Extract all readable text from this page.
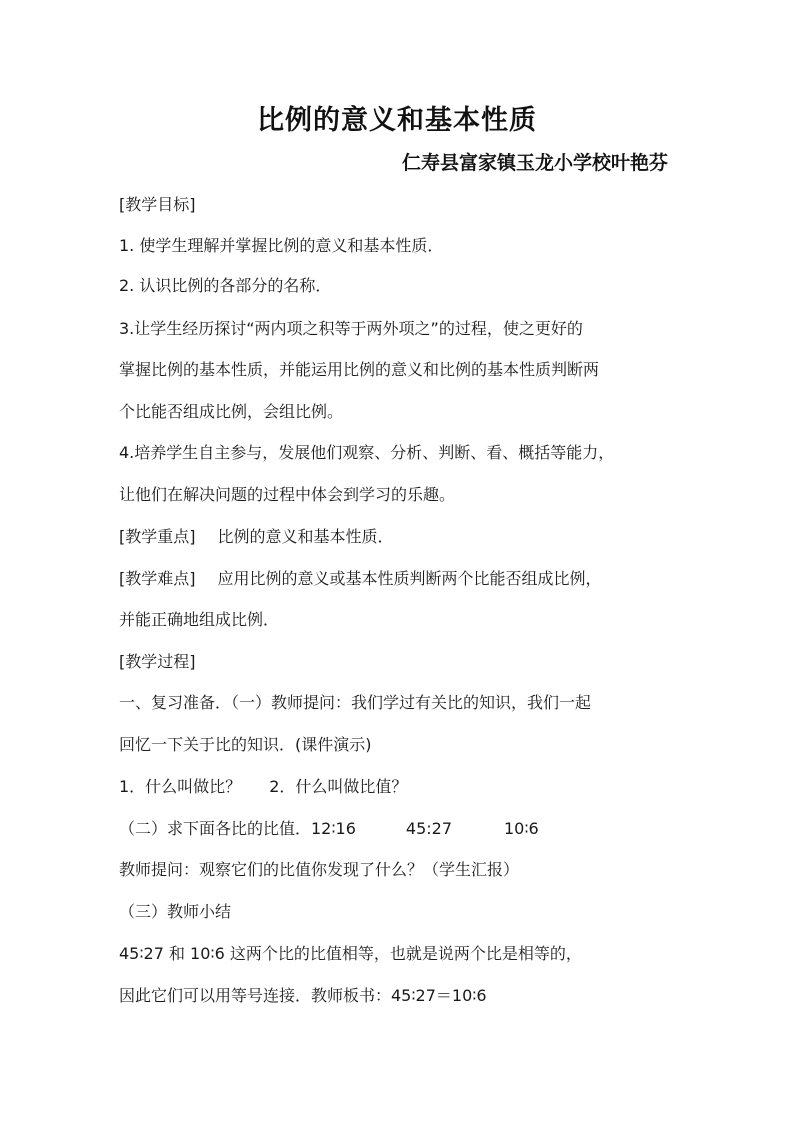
比例的意义和基本性质
仁寿县富家镇玉龙小学校叶艳芬
[教学目标]
1. 使学生理解并掌握比例的意义和基本性质．
2. 认识比例的各部分的名称．
3.让学生经历探讨“两内项之积等于两外项之”的过程，使之更好的
掌握比例的基本性质，并能运用比例的意义和比例的基本性质判断两
个比能否组成比例，会组比例。
4.培养学生自主参与，发展他们观察、分析、判断、看、概括等能力，
让他们在解决问题的过程中体会到学习的乐趣。
[教学重点] 比例的意义和基本性质．
[教学难点] 应用比例的意义或基本性质判断两个比能否组成比例，
并能正确地组成比例．
[教学过程]
一、复习准备．（一）教师提问：我们学过有关比的知识，我们一起
回忆一下关于比的知识．(课件演示)
1．什么叫做比？ 2．什么叫做比值？
（二）求下面各比的比值．12∶16	45:27	10∶6
教师提问：观察它们的比值你发现了什么？（学生汇报）
（三）教师小结
45∶27 和 10∶6 这两个比的比值相等，也就是说两个比是相等的，
因此它们可以用等号连接．教师板书：45∶27＝10∶6
